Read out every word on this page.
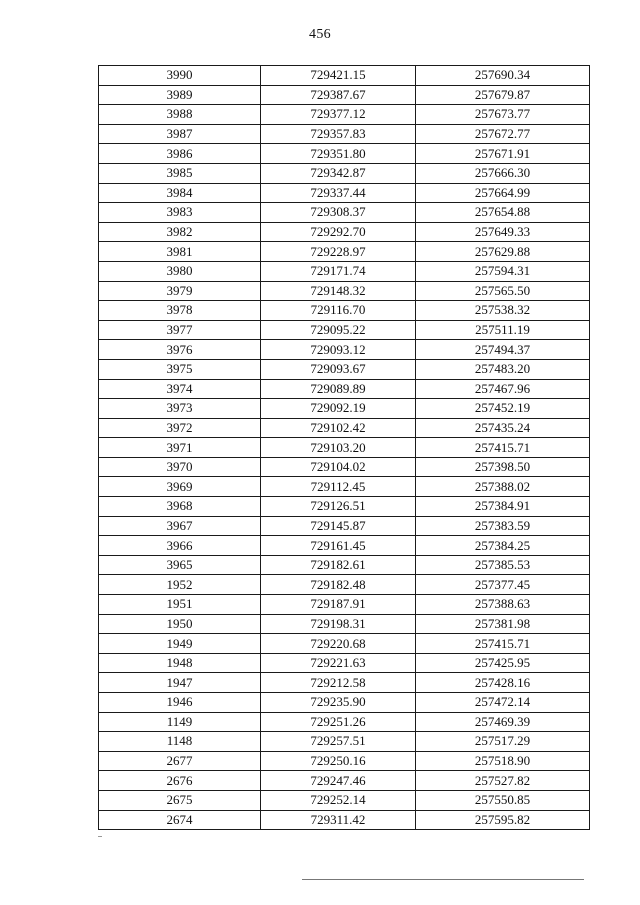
456
3990	729421.15	257690.34
3989	729387.67	257679.87
3988	729377.12	257673.77
3987	729357.83	257672.77
3986	729351.80	257671.91
3985	729342.87	257666.30
3984	729337.44	257664.99
3983	729308.37	257654.88
3982	729292.70	257649.33
3981	729228.97	257629.88
3980	729171.74	257594.31
3979	729148.32	257565.50
3978	729116.70	257538.32
3977	729095.22	257511.19
3976	729093.12	257494.37
3975	729093.67	257483.20
3974	729089.89	257467.96
3973	729092.19	257452.19
3972	729102.42	257435.24
3971	729103.20	257415.71
3970	729104.02	257398.50
3969	729112.45	257388.02
3968	729126.51	257384.91
3967	729145.87	257383.59
3966	729161.45	257384.25
3965	729182.61	257385.53
1952	729182.48	257377.45
1951	729187.91	257388.63
1950	729198.31	257381.98
1949	729220.68	257415.71
1948	729221.63	257425.95
1947	729212.58	257428.16
1946	729235.90	257472.14
1149	729251.26	257469.39
1148	729257.51	257517.29
2677	729250.16	257518.90
2676	729247.46	257527.82
2675	729252.14	257550.85
2674	729311.42	257595.82
